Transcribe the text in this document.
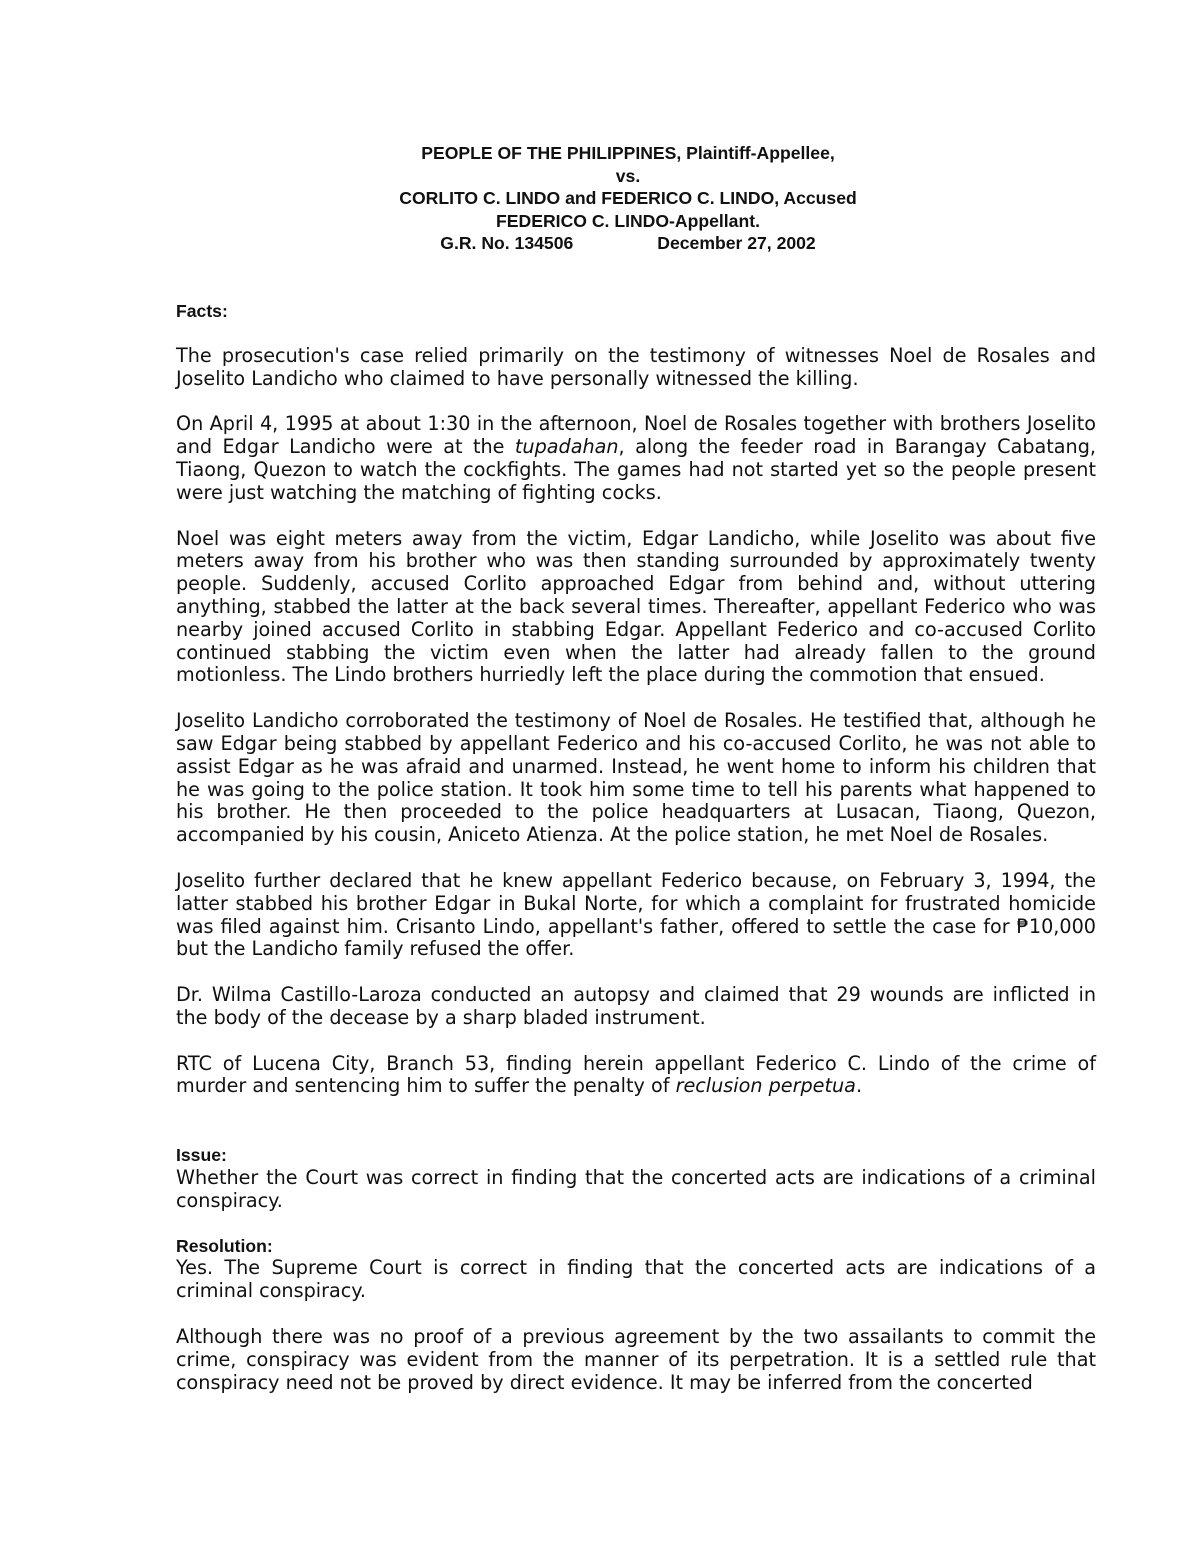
PEOPLE OF THE PHILIPPINES, Plaintiff-Appellee,
vs.
CORLITO C. LINDO and FEDERICO C. LINDO, Accused
FEDERICO C. LINDO-Appellant.
G.R. No. 134506	December 27, 2002
Facts:

The prosecution's case relied primarily on the testimony of witnesses Noel de Rosales and Joselito Landicho who claimed to have personally witnessed the killing.

On April 4, 1995 at about 1:30 in the afternoon, Noel de Rosales together with brothers Joselito and Edgar Landicho were at the tupadahan, along the feeder road in Barangay Cabatang, Tiaong, Quezon to watch the cockfights. The games had not started yet so the people present were just watching the matching of fighting cocks.

Noel was eight meters away from the victim, Edgar Landicho, while Joselito was about five meters away from his brother who was then standing surrounded by approximately twenty people. Suddenly, accused Corlito approached Edgar from behind and, without uttering anything, stabbed the latter at the back several times. Thereafter, appellant Federico who was nearby joined accused Corlito in stabbing Edgar. Appellant Federico and co-accused Corlito continued stabbing the victim even when the latter had already fallen to the ground motionless. The Lindo brothers hurriedly left the place during the commotion that ensued.

Joselito Landicho corroborated the testimony of Noel de Rosales. He testified that, although he saw Edgar being stabbed by appellant Federico and his co-accused Corlito, he was not able to assist Edgar as he was afraid and unarmed. Instead, he went home to inform his children that he was going to the police station. It took him some time to tell his parents what happened to his brother. He then proceeded to the police headquarters at Lusacan, Tiaong, Quezon, accompanied by his cousin, Aniceto Atienza. At the police station, he met Noel de Rosales.

Joselito further declared that he knew appellant Federico because, on February 3, 1994, the latter stabbed his brother Edgar in Bukal Norte, for which a complaint for frustrated homicide was filed against him. Crisanto Lindo, appellant's father, offered to settle the case for ₱10,000 but the Landicho family refused the offer.

Dr. Wilma Castillo-Laroza conducted an autopsy and claimed that 29 wounds are inflicted in the body of the decease by a sharp bladed instrument.

RTC of Lucena City, Branch 53, finding herein appellant Federico C. Lindo of the crime of murder and sentencing him to suffer the penalty of reclusion perpetua.

Issue:

Whether the Court was correct in finding that the concerted acts are indications of a criminal conspiracy.

Resolution:

Yes. The Supreme Court is correct in finding that the concerted acts are indications of a criminal conspiracy.

Although there was no proof of a previous agreement by the two assailants to commit the crime, conspiracy was evident from the manner of its perpetration. It is a settled rule that conspiracy need not be proved by direct evidence. It may be inferred from the concerted
